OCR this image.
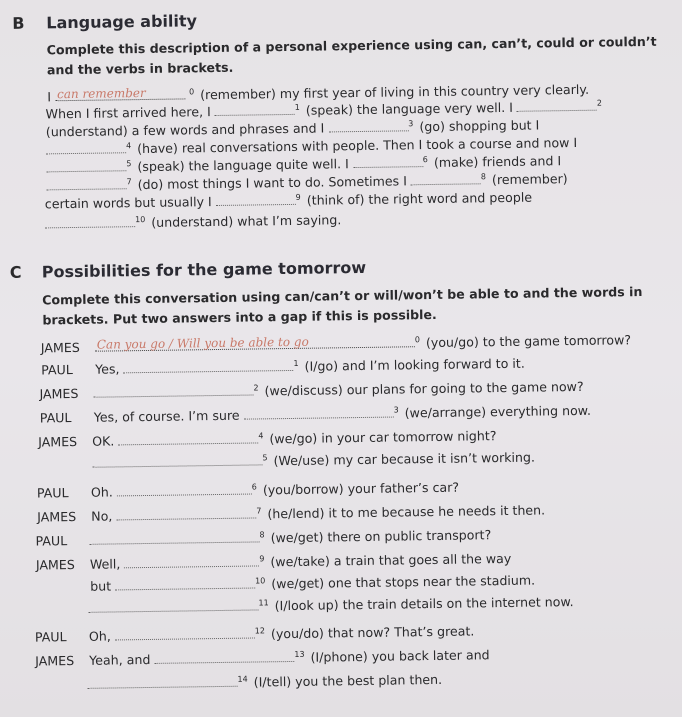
B Language ability
Complete this description of a personal experience using can, can’t, could or couldn’t
and the verbs in brackets.
I can remember	$^0$ (remember) my first year of living in this country very clearly.
When I first arrived here, I	$^1$ (speak) the language very well. I	$^2$
(understand) a few words and phrases and I	$^3$ (go) shopping but I
$^4$ (have) real conversations with people. Then I took a course and now I
$^5$ (speak) the language quite well. I	$^6$ (make) friends and I
$^7$ (do) most things I want to do. Sometimes I	$^8$ (remember)
certain words but usually I	$^9$ (think of) the right word and people
$^{10}$ (understand) what I’m saying.
C Possibilities for the game tomorrow
Complete this conversation using can/can’t or will/won’t be able to and the words in
brackets. Put two answers into a gap if this is possible.
JAMES Can you go / Will you be able to go	$^0$ (you/go) to the game tomorrow?
PAUL Yes,	$^1$ (I/go) and I’m looking forward to it.
JAMES	$^2$ (we/discuss) our plans for going to the game now?
PAUL Yes, of course. I’m sure	$^3$ (we/arrange) everything now.
JAMES OK.	$^4$ (we/go) in your car tomorrow night?
$^5$ (We/use) my car because it isn’t working.
PAUL Oh.	$^6$ (you/borrow) your father’s car?
JAMES No,	$^7$ (he/lend) it to me because he needs it then.
PAUL	$^8$ (we/get) there on public transport?
JAMES Well,	$^9$ (we/take) a train that goes all the way
but	$^{10}$ (we/get) one that stops near the stadium.
$^{11}$ (I/look up) the train details on the internet now.
PAUL Oh,	$^{12}$ (you/do) that now? That’s great.
JAMES Yeah, and	$^{13}$ (I/phone) you back later and
$^{14}$ (I/tell) you the best plan then.
